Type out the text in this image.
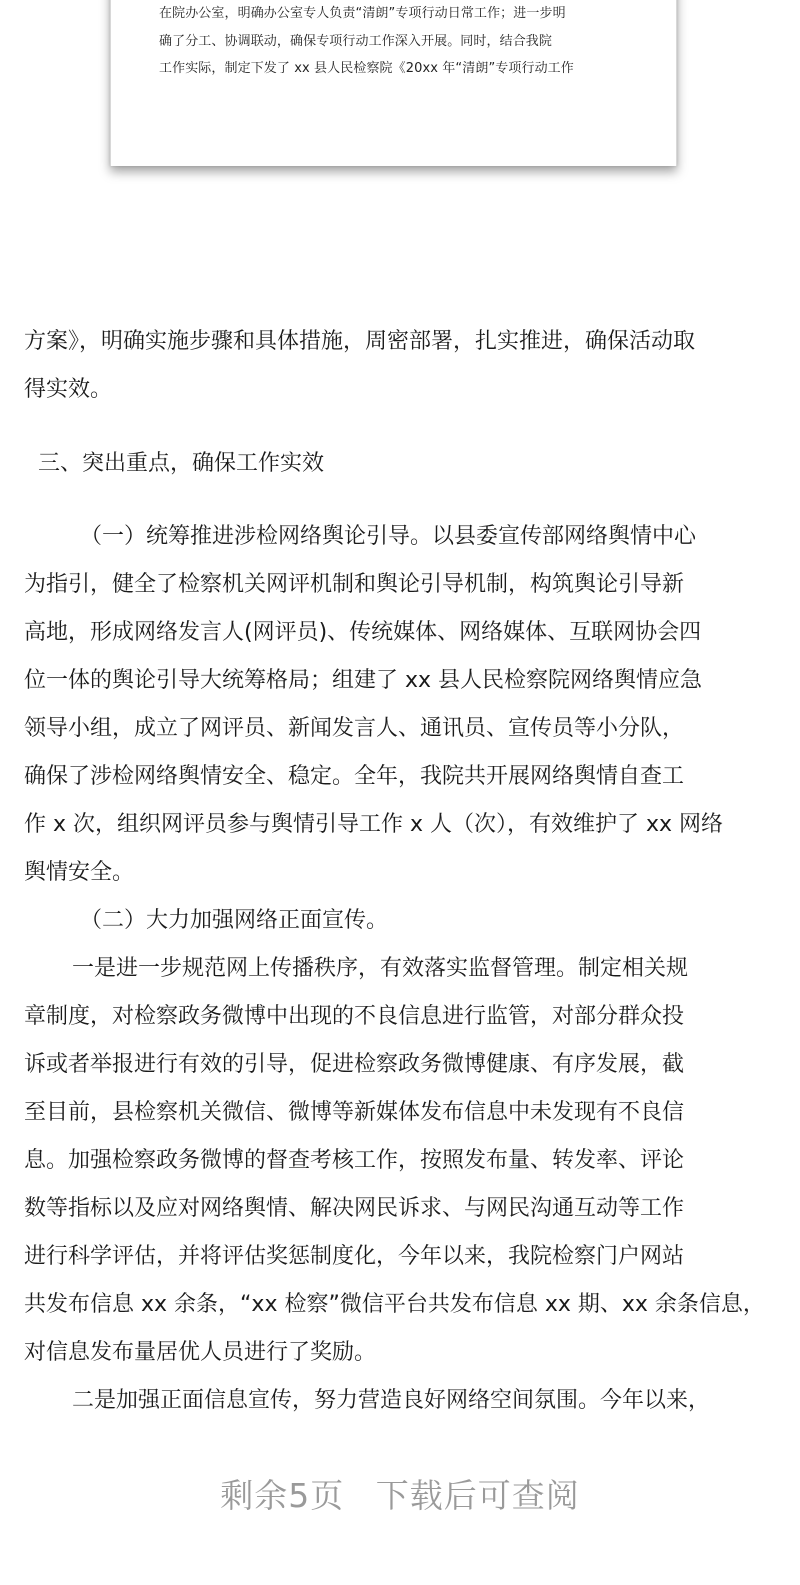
在院办公室，明确办公室专人负责“清朗”专项行动日常工作；进一步明
确了分工、协调联动，确保专项行动工作深入开展。同时，结合我院
工作实际，制定下发了 xx 县人民检察院《20xx 年“清朗”专项行动工作
方案》，明确实施步骤和具体措施，周密部署，扎实推进，确保活动取
得实效。
三、突出重点，确保工作实效
（一）统筹推进涉检网络舆论引导。以县委宣传部网络舆情中心
为指引，健全了检察机关网评机制和舆论引导机制，构筑舆论引导新
高地，形成网络发言人(网评员)、传统媒体、网络媒体、互联网协会四
位一体的舆论引导大统筹格局；组建了 xx 县人民检察院网络舆情应急
领导小组，成立了网评员、新闻发言人、通讯员、宣传员等小分队，
确保了涉检网络舆情安全、稳定。全年，我院共开展网络舆情自查工
作 x 次，组织网评员参与舆情引导工作 x 人（次），有效维护了 xx 网络
舆情安全。
（二）大力加强网络正面宣传。
一是进一步规范网上传播秩序，有效落实监督管理。制定相关规
章制度，对检察政务微博中出现的不良信息进行监管，对部分群众投
诉或者举报进行有效的引导，促进检察政务微博健康、有序发展，截
至目前，县检察机关微信、微博等新媒体发布信息中未发现有不良信
息。加强检察政务微博的督查考核工作，按照发布量、转发率、评论
数等指标以及应对网络舆情、解决网民诉求、与网民沟通互动等工作
进行科学评估，并将评估奖惩制度化，今年以来，我院检察门户网站
共发布信息 xx 余条，“xx 检察”微信平台共发布信息 xx 期、xx 余条信息，
对信息发布量居优人员进行了奖励。
二是加强正面信息宣传，努力营造良好网络空间氛围。今年以来，
剩余5页 下载后可查阅
